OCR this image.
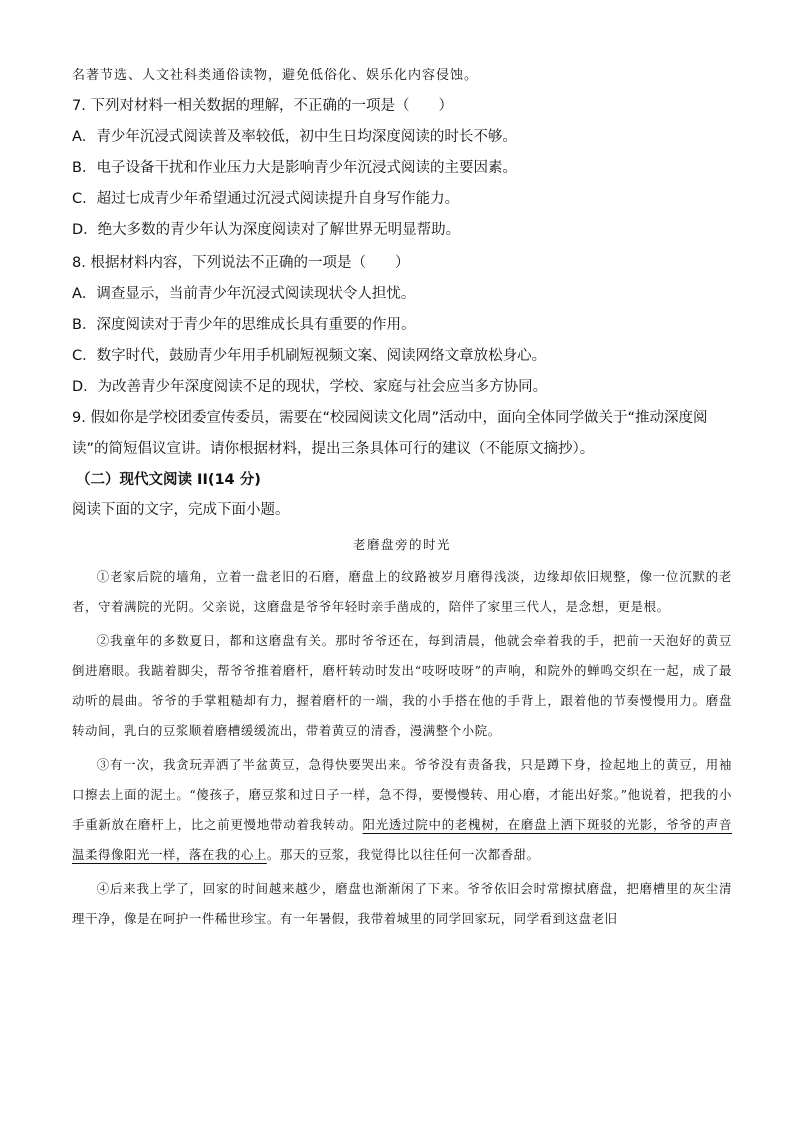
名著节选、人文社科类通俗读物，避免低俗化、娱乐化内容侵蚀。
7. 下列对材料一相关数据的理解，不正确的一项是（　　）
A．青少年沉浸式阅读普及率较低，初中生日均深度阅读的时长不够。
B．电子设备干扰和作业压力大是影响青少年沉浸式阅读的主要因素。
C．超过七成青少年希望通过沉浸式阅读提升自身写作能力。
D．绝大多数的青少年认为深度阅读对了解世界无明显帮助。
8. 根据材料内容，下列说法不正确的一项是（　　）
A．调查显示，当前青少年沉浸式阅读现状令人担忧。
B．深度阅读对于青少年的思维成长具有重要的作用。
C．数字时代，鼓励青少年用手机刷短视频文案、阅读网络文章放松身心。
D．为改善青少年深度阅读不足的现状，学校、家庭与社会应当多方协同。
9. 假如你是学校团委宣传委员，需要在“校园阅读文化周”活动中，面向全体同学做关于“推动深度阅
读”的简短倡议宣讲。请你根据材料，提出三条具体可行的建议（不能原文摘抄）。
（二）现代文阅读 II(14 分)
阅读下面的文字，完成下面小题。
老磨盘旁的时光

①老家后院的墙角，立着一盘老旧的石磨，磨盘上的纹路被岁月磨得浅淡，边缘却依旧规整，像一位沉默的老者，守着满院的光阴。父亲说，这磨盘是爷爷年轻时亲手凿成的，陪伴了家里三代人，是念想，更是根。

②我童年的多数夏日，都和这磨盘有关。那时爷爷还在，每到清晨，他就会牵着我的手，把前一天泡好的黄豆倒进磨眼。我踮着脚尖，帮爷爷推着磨杆，磨杆转动时发出“吱呀吱呀”的声响，和院外的蝉鸣交织在一起，成了最动听的晨曲。爷爷的手掌粗糙却有力，握着磨杆的一端，我的小手搭在他的手背上，跟着他的节奏慢慢用力。磨盘转动间，乳白的豆浆顺着磨槽缓缓流出，带着黄豆的清香，漫满整个小院。

③有一次，我贪玩弄洒了半盆黄豆，急得快要哭出来。爷爷没有责备我，只是蹲下身，捡起地上的黄豆，用袖口擦去上面的泥土。“傻孩子，磨豆浆和过日子一样，急不得，要慢慢转、用心磨，才能出好浆。”他说着，把我的小手重新放在磨杆上，比之前更慢地带动着我转动。阳光透过院中的老槐树，在磨盘上洒下斑驳的光影，爷爷的声音温柔得像阳光一样，落在我的心上。那天的豆浆，我觉得比以往任何一次都香甜。

④后来我上学了，回家的时间越来越少，磨盘也渐渐闲了下来。爷爷依旧会时常擦拭磨盘，把磨槽里的灰尘清理干净，像是在呵护一件稀世珍宝。有一年暑假，我带着城里的同学回家玩，同学看到这盘老旧
